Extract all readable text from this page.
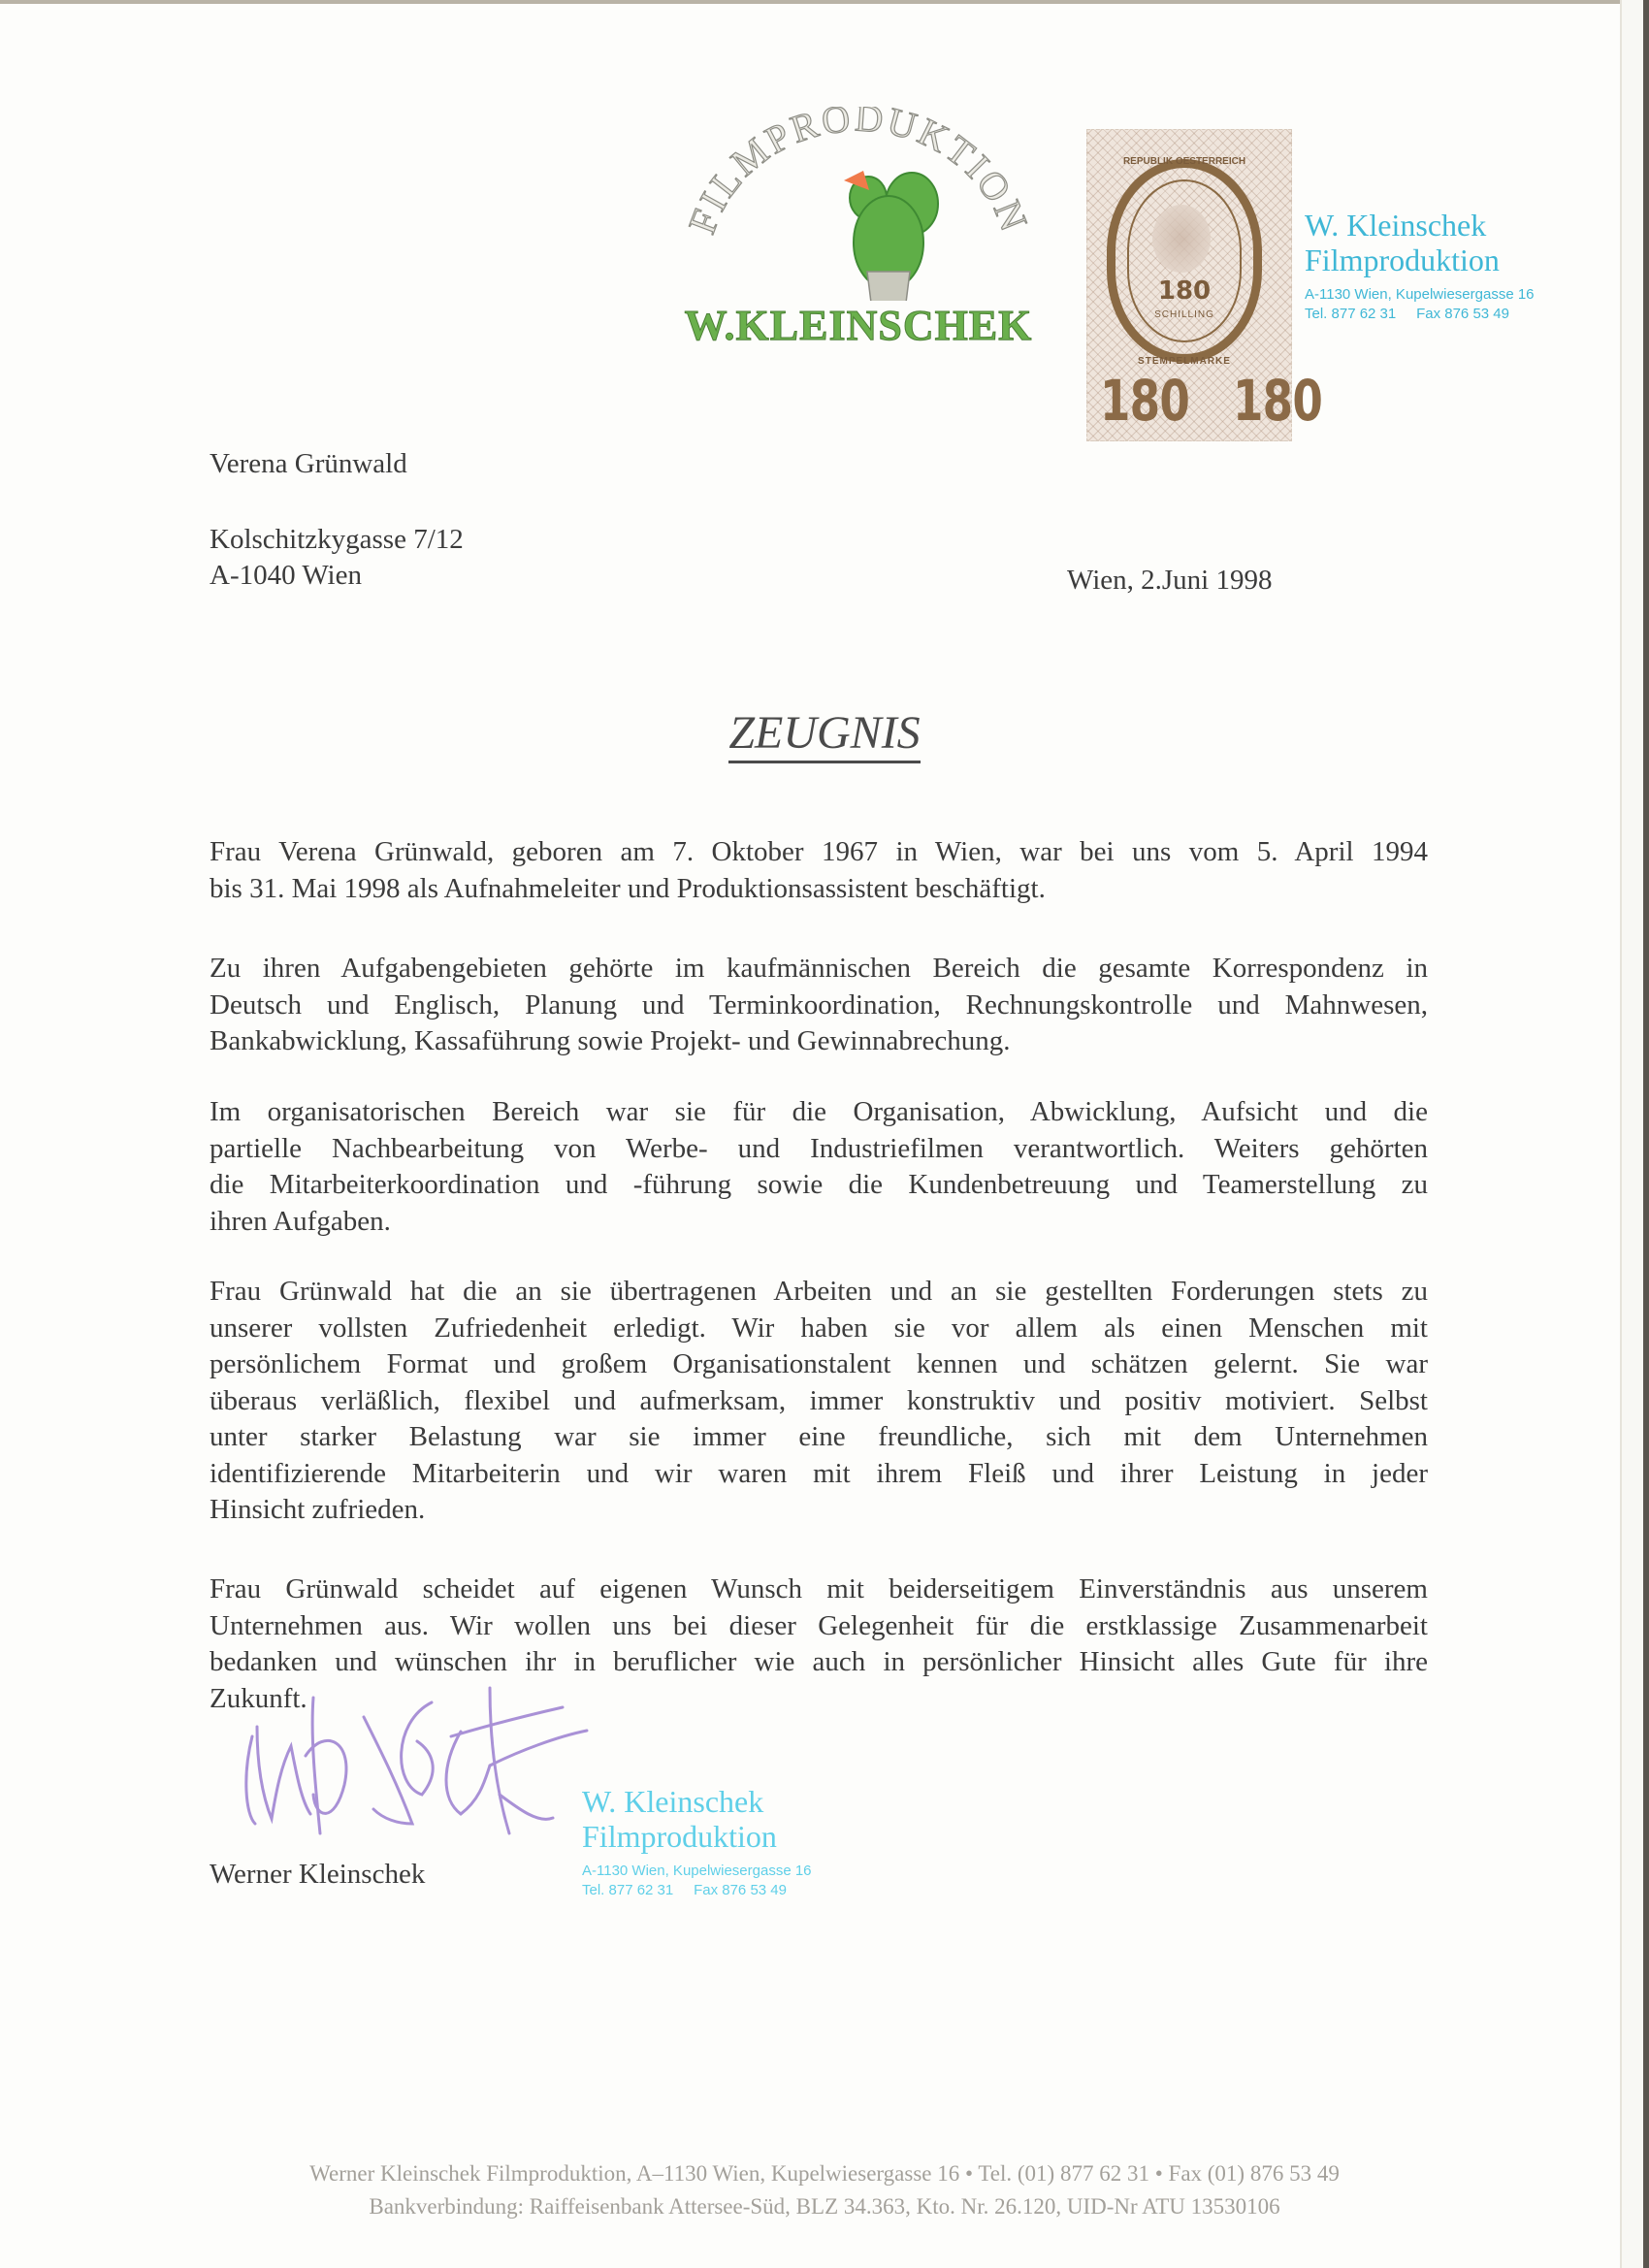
FILMPRODUKTION
W.KLEINSCHEK
REPUBLIK OESTERREICH
180
SCHILLING
STEMPELMARKE
180 180
W. Kleinschek
Filmproduktion
A-1130 Wien, Kupelwiesergasse 16
Tel. 877 62 31     Fax 876 53 49
Verena Grünwald
Kolschitzkygasse 7/12
A-1040 Wien	Wien, 2.Juni 1998
ZEUGNIS
Frau Verena Grünwald, geboren am 7. Oktober 1967 in Wien, war bei uns vom 5. April 1994
bis 31. Mai 1998 als Aufnahmeleiter und Produktionsassistent beschäftigt.
Zu ihren Aufgabengebieten gehörte im kaufmännischen Bereich die gesamte Korrespondenz in
Deutsch und Englisch, Planung und Terminkoordination, Rechnungskontrolle und Mahnwesen,
Bankabwicklung, Kassaführung sowie Projekt- und Gewinnabrechung.
Im organisatorischen Bereich war sie für die Organisation, Abwicklung, Aufsicht und die
partielle Nachbearbeitung von Werbe- und Industriefilmen verantwortlich. Weiters gehörten
die Mitarbeiterkoordination und -führung sowie die Kundenbetreuung und Teamerstellung zu
ihren Aufgaben.
Frau Grünwald hat die an sie übertragenen Arbeiten und an sie gestellten Forderungen stets zu
unserer vollsten Zufriedenheit erledigt. Wir haben sie vor allem als einen Menschen mit
persönlichem Format und großem Organisationstalent kennen und schätzen gelernt. Sie war
überaus verläßlich, flexibel und aufmerksam, immer konstruktiv und positiv motiviert. Selbst
unter starker Belastung war sie immer eine freundliche, sich mit dem Unternehmen
identifizierende Mitarbeiterin und wir waren mit ihrem Fleiß und ihrer Leistung in jeder
Hinsicht zufrieden.
Frau Grünwald scheidet auf eigenen Wunsch mit beiderseitigem Einverständnis aus unserem
Unternehmen aus. Wir wollen uns bei dieser Gelegenheit für die erstklassige Zusammenarbeit
bedanken und wünschen ihr in beruflicher wie auch in persönlicher Hinsicht alles Gute für ihre
Zukunft.
Werner Kleinschek
W. Kleinschek
Filmproduktion
A-1130 Wien, Kupelwiesergasse 16
Tel. 877 62 31     Fax 876 53 49
Werner Kleinschek Filmproduktion, A–1130 Wien, Kupelwiesergasse 16 • Tel. (01) 877 62 31 • Fax (01) 876 53 49
Bankverbindung: Raiffeisenbank Attersee-Süd, BLZ 34.363, Kto. Nr. 26.120, UID-Nr ATU 13530106
